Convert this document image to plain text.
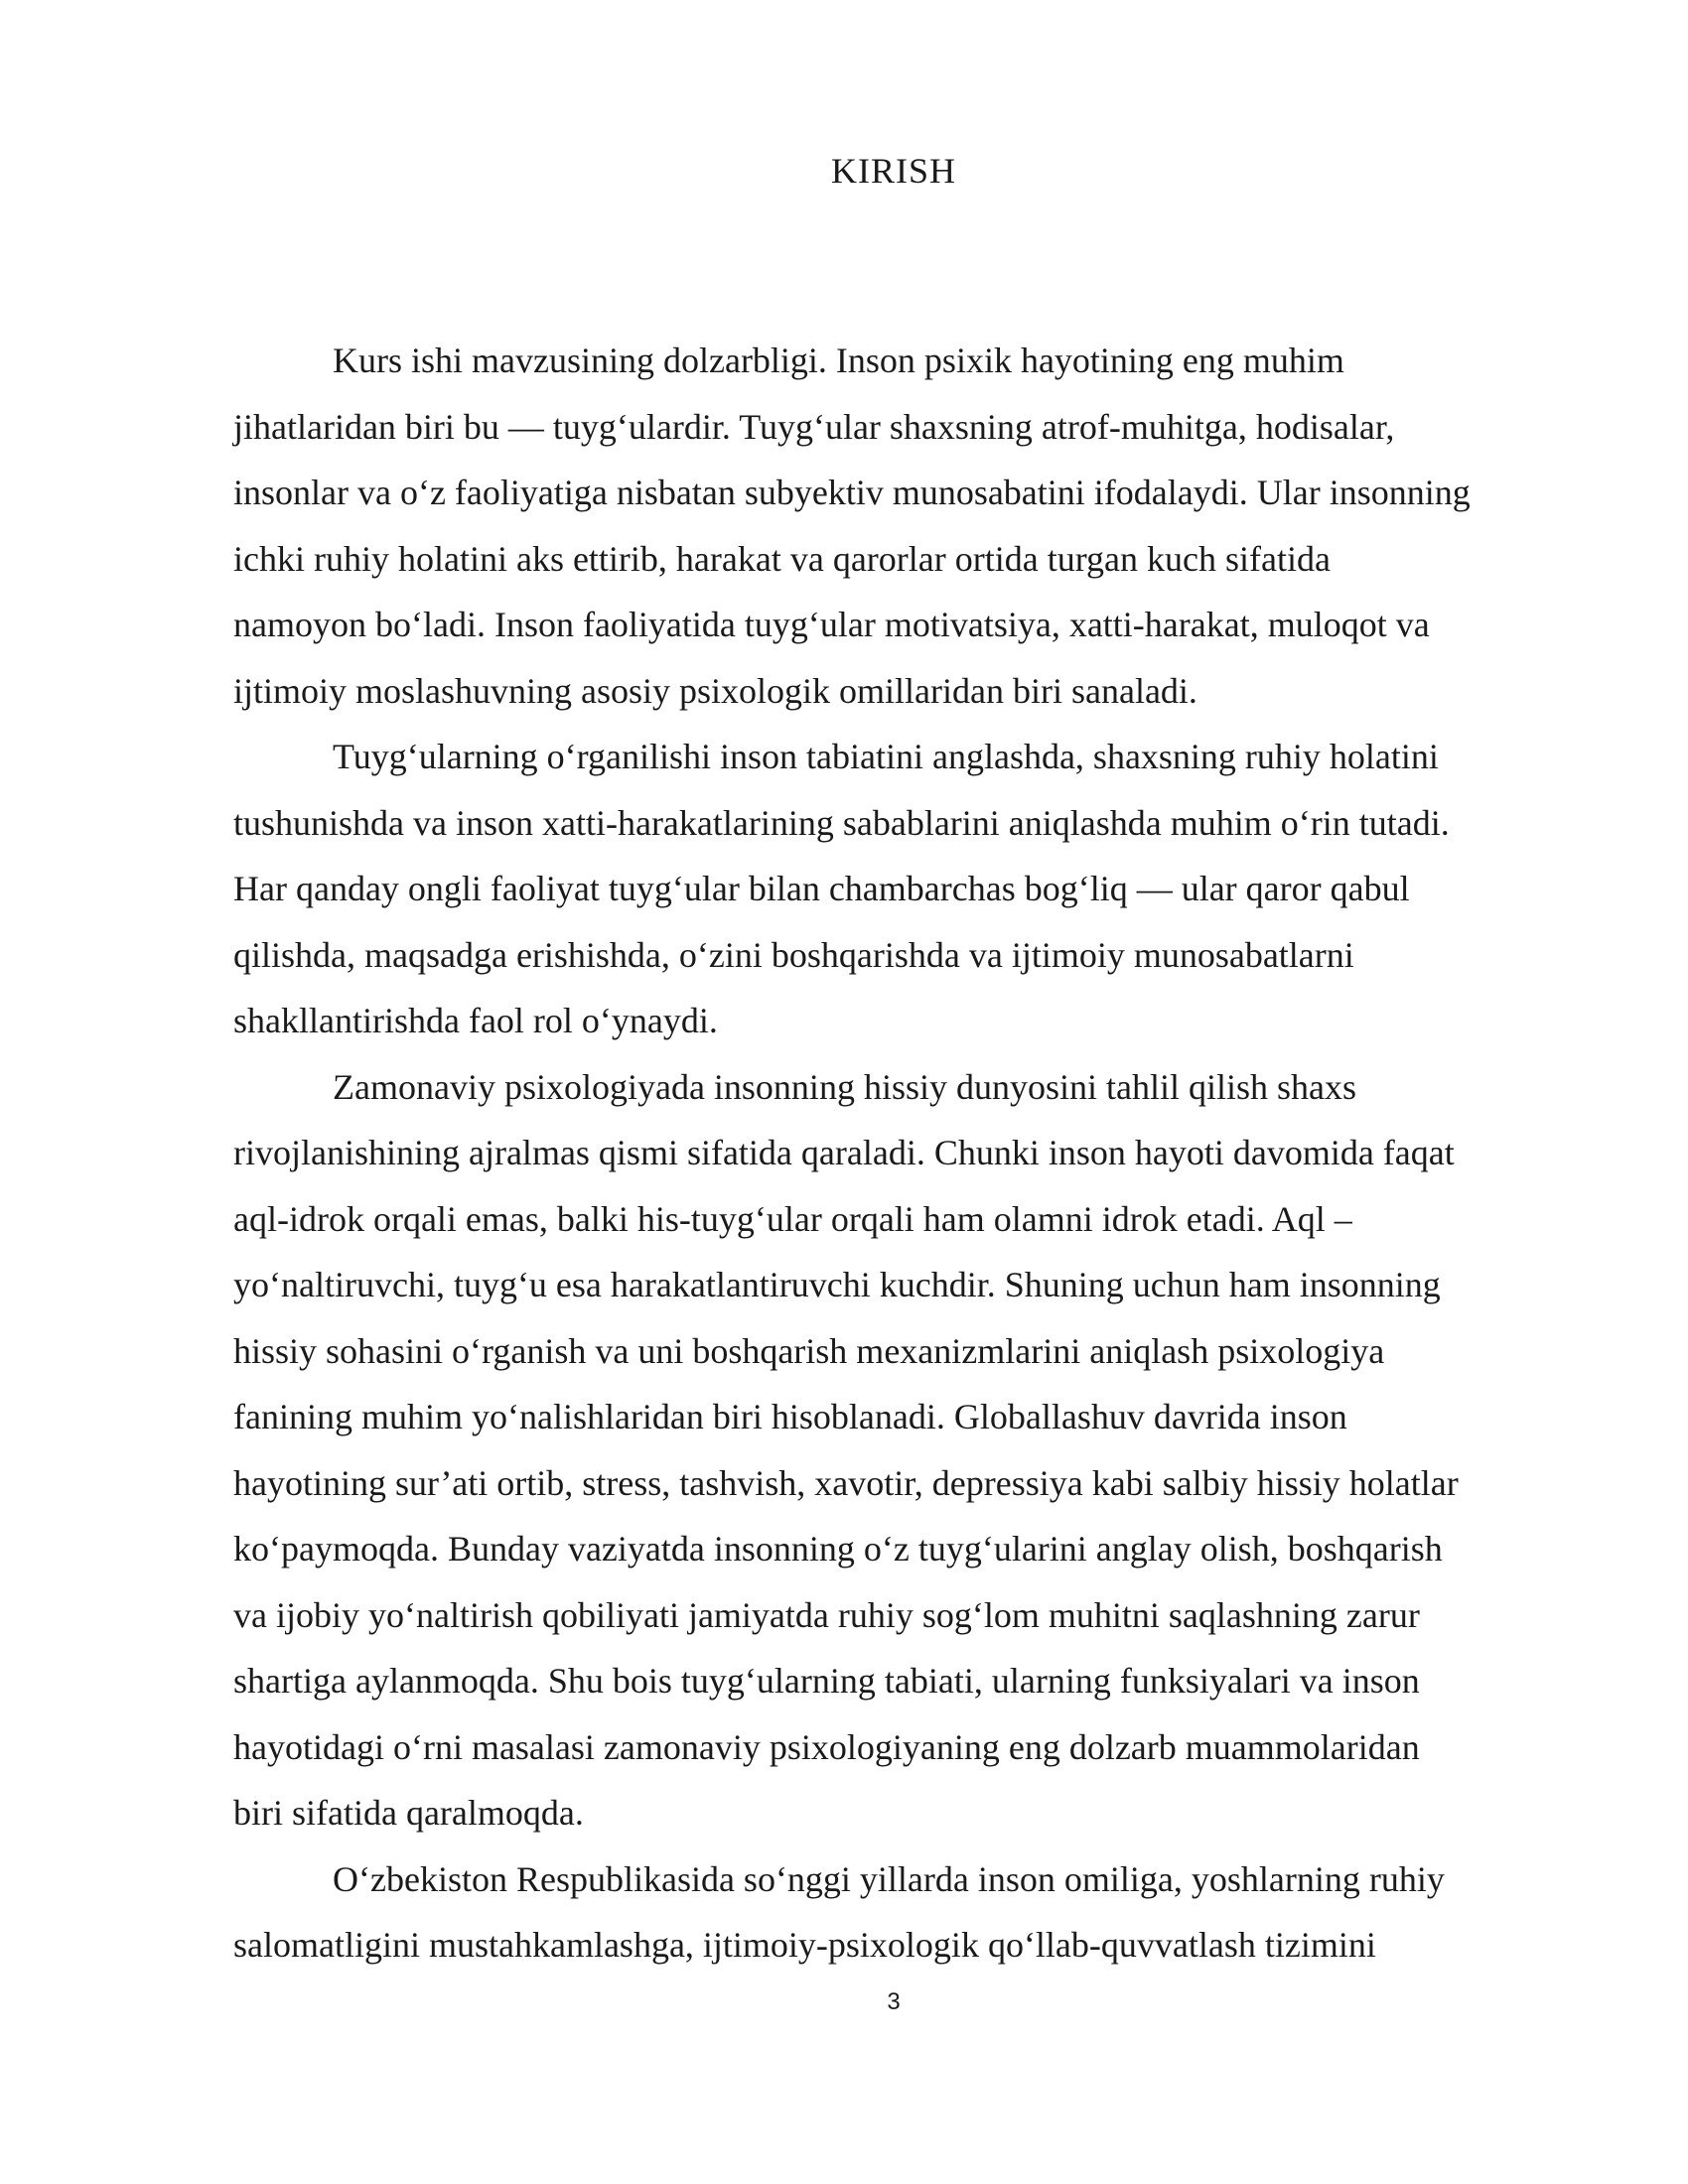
KIRISH

Kurs ishi mavzusining dolzarbligi. Inson psixik hayotining eng muhim
jihatlaridan biri bu — tuyg‘ulardir. Tuyg‘ular shaxsning atrof-muhitga, hodisalar,
insonlar va o‘z faoliyatiga nisbatan subyektiv munosabatini ifodalaydi. Ular insonning
ichki ruhiy holatini aks ettirib, harakat va qarorlar ortida turgan kuch sifatida
namoyon bo‘ladi. Inson faoliyatida tuyg‘ular motivatsiya, xatti-harakat, muloqot va
ijtimoiy moslashuvning asosiy psixologik omillaridan biri sanaladi.

Tuyg‘ularning o‘rganilishi inson tabiatini anglashda, shaxsning ruhiy holatini
tushunishda va inson xatti-harakatlarining sabablarini aniqlashda muhim o‘rin tutadi.
Har qanday ongli faoliyat tuyg‘ular bilan chambarchas bog‘liq — ular qaror qabul
qilishda, maqsadga erishishda, o‘zini boshqarishda va ijtimoiy munosabatlarni
shakllantirishda faol rol o‘ynaydi.

Zamonaviy psixologiyada insonning hissiy dunyosini tahlil qilish shaxs
rivojlanishining ajralmas qismi sifatida qaraladi. Chunki inson hayoti davomida faqat
aql-idrok orqali emas, balki his-tuyg‘ular orqali ham olamni idrok etadi. Aql –
yo‘naltiruvchi, tuyg‘u esa harakatlantiruvchi kuchdir. Shuning uchun ham insonning
hissiy sohasini o‘rganish va uni boshqarish mexanizmlarini aniqlash psixologiya
fanining muhim yo‘nalishlaridan biri hisoblanadi. Globallashuv davrida inson
hayotining sur’ati ortib, stress, tashvish, xavotir, depressiya kabi salbiy hissiy holatlar
ko‘paymoqda. Bunday vaziyatda insonning o‘z tuyg‘ularini anglay olish, boshqarish
va ijobiy yo‘naltirish qobiliyati jamiyatda ruhiy sog‘lom muhitni saqlashning zarur
shartiga aylanmoqda. Shu bois tuyg‘ularning tabiati, ularning funksiyalari va inson
hayotidagi o‘rni masalasi zamonaviy psixologiyaning eng dolzarb muammolaridan
biri sifatida qaralmoqda.

O‘zbekiston Respublikasida so‘nggi yillarda inson omiliga, yoshlarning ruhiy
salomatligini mustahkamlashga, ijtimoiy-psixologik qo‘llab-quvvatlash tizimini

3
